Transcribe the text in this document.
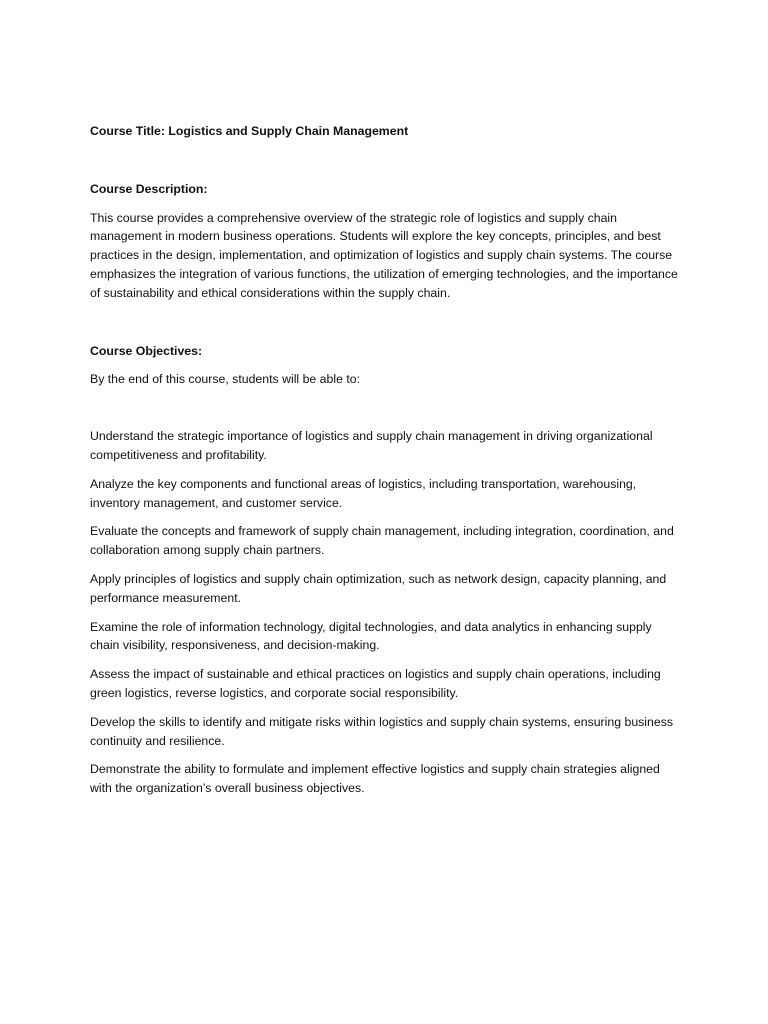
Course Title: Logistics and Supply Chain Management

Course Description:

This course provides a comprehensive overview of the strategic role of logistics and supply chain management in modern business operations. Students will explore the key concepts, principles, and best practices in the design, implementation, and optimization of logistics and supply chain systems. The course emphasizes the integration of various functions, the utilization of emerging technologies, and the importance of sustainability and ethical considerations within the supply chain.

Course Objectives:

By the end of this course, students will be able to:

Understand the strategic importance of logistics and supply chain management in driving organizational competitiveness and profitability.
Analyze the key components and functional areas of logistics, including transportation, warehousing, inventory management, and customer service.
Evaluate the concepts and framework of supply chain management, including integration, coordination, and collaboration among supply chain partners.
Apply principles of logistics and supply chain optimization, such as network design, capacity planning, and performance measurement.
Examine the role of information technology, digital technologies, and data analytics in enhancing supply chain visibility, responsiveness, and decision-making.
Assess the impact of sustainable and ethical practices on logistics and supply chain operations, including green logistics, reverse logistics, and corporate social responsibility.
Develop the skills to identify and mitigate risks within logistics and supply chain systems, ensuring business continuity and resilience.
Demonstrate the ability to formulate and implement effective logistics and supply chain strategies aligned with the organization’s overall business objectives.
